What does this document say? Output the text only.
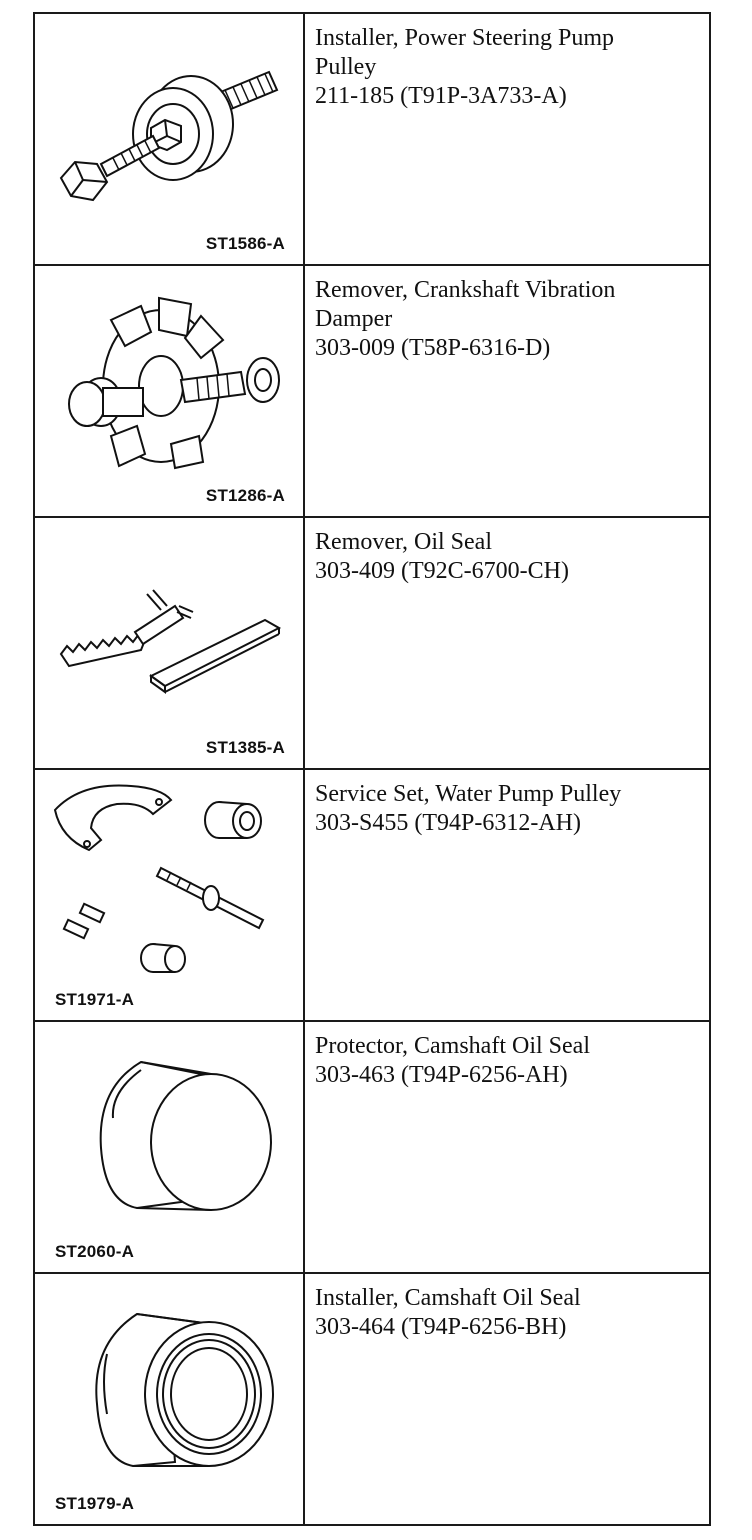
ST1586-A	Installer, Power Steering Pump
Pulley
211-185 (T91P-3A733-A)

ST1286-A	Remover, Crankshaft Vibration
Damper
303-009 (T58P-6316-D)

ST1385-A	Remover, Oil Seal
303-409 (T92C-6700-CH)

ST1971-A	Service Set, Water Pump Pulley
303-S455 (T94P-6312-AH)

ST2060-A	Protector, Camshaft Oil Seal
303-463 (T94P-6256-AH)

ST1979-A	Installer, Camshaft Oil Seal
303-464 (T94P-6256-BH)
